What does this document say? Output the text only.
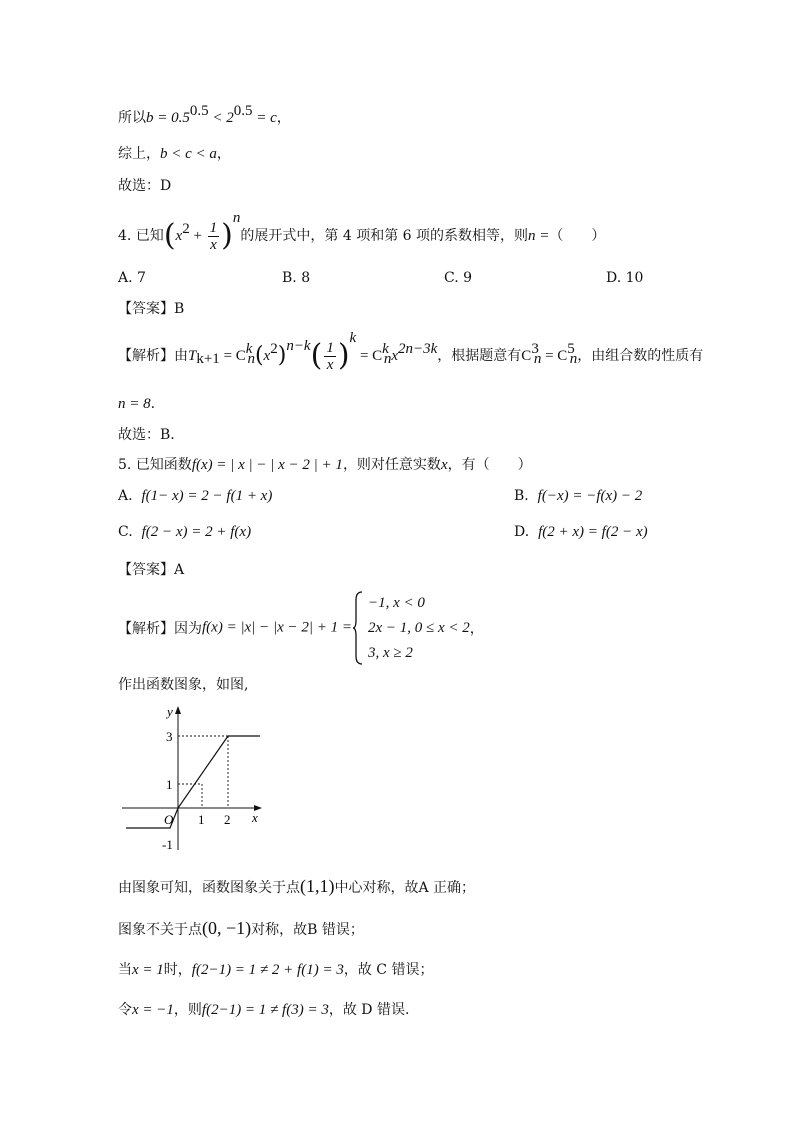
所以$b = 0.5^{0.5} < 2^{0.5} = c$，
综上，b < c < a，
故选：D
4. 已知$(x^2 + \frac{1}{x} )^n$的展开式中，第 4 项和第 6 项的系数相等，则n =（　　）
A. 7	B. 8	C. 9	D. 10
【答案】B
【解析】由$T_{k+1} = C^k_n(x^2)^{n-k}( \frac{1}{x} )^k = C^k_nx^{2n-3k}$，根据题意有$C^3_n = C^5_n$，由组合数的性质有
n = 8.
故选：B.
5. 已知函数f(x) = | x | − | x − 2 | + 1，则对任意实数x，有（　　）
A. f(1− x) = 2 − f(1 + x)	B. f(−x) = −f(x) − 2
C. f(2 − x) = 2 + f(x)	D. f(2 + x) = f(2 − x)
【答案】A
【解析】因为f(x) = |x| − |x − 2| + 1 =
−1, x < 0
2x − 1, 0 ≤ x < 2
3, x ≥ 2
，
作出函数图象，如图,
y
x
O
3
1
-1
1 2
由图象可知，函数图象关于点(1,1)中心对称，故A 正确；
图象不关于点(0, −1)对称，故B 错误；
当x = 1时，f(2−1) = 1 ≠ 2 + f(1) = 3，故 C 错误；
令x = −1，则f(2−1) = 1 ≠ f(3) = 3，故 D 错误.
